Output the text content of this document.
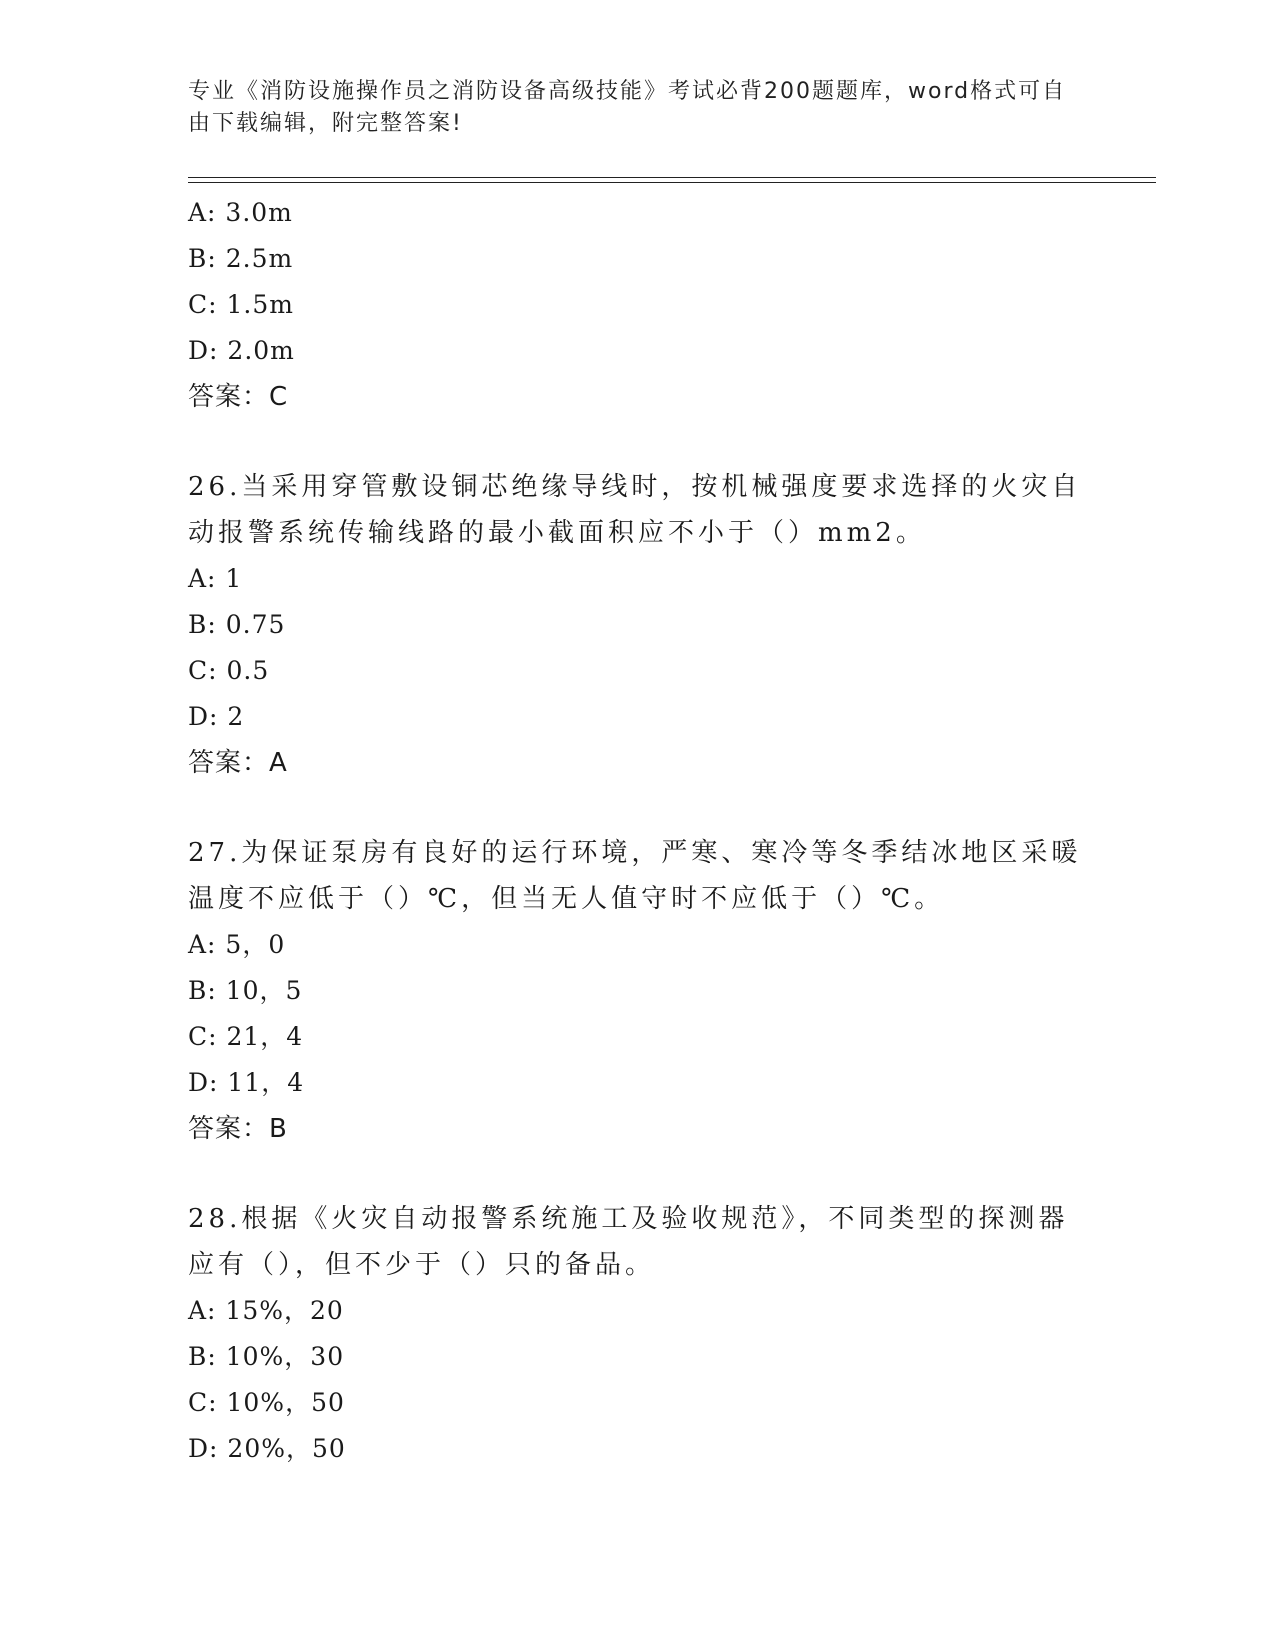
专业《消防设施操作员之消防设备高级技能》考试必背200题题库，word格式可自由下载编辑，附完整答案!
A: 3.0m
B: 2.5m
C: 1.5m
D: 2.0m
答案：C
26.当采用穿管敷设铜芯绝缘导线时，按机械强度要求选择的火灾自动报警系统传输线路的最小截面积应不小于（）mm2。
A: 1
B: 0.75
C: 0.5
D: 2
答案：A
27.为保证泵房有良好的运行环境，严寒、寒冷等冬季结冰地区采暖温度不应低于（）℃，但当无人值守时不应低于（）℃。
A: 5，0
B: 10，5
C: 21，4
D: 11，4
答案：B
28.根据《火灾自动报警系统施工及验收规范》，不同类型的探测器应有（），但不少于（）只的备品。
A: 15%，20
B: 10%，30
C: 10%，50
D: 20%，50
